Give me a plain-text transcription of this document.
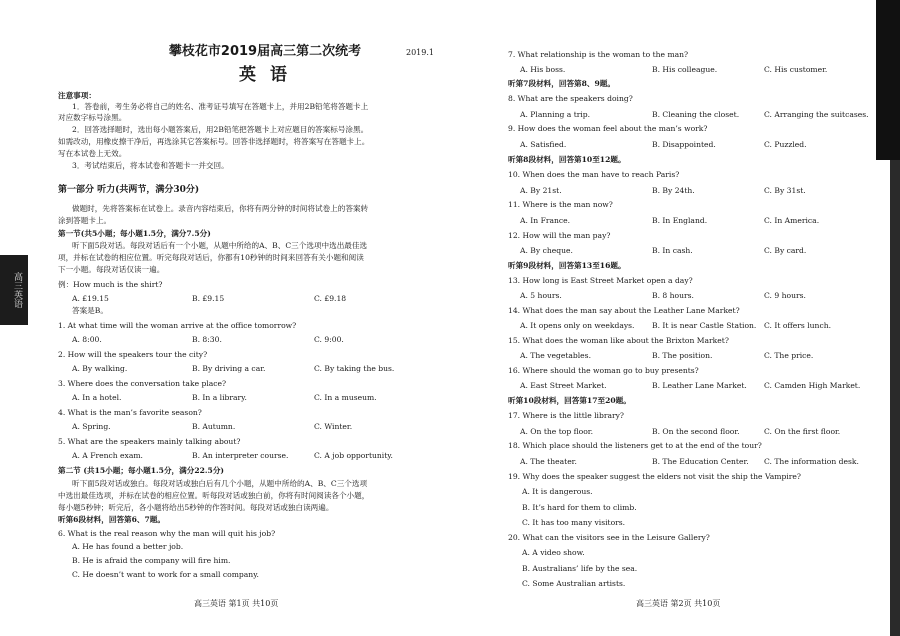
高三英语
攀枝花市2019届高三第二次统考	2019.1
英 语
注意事项：
1．答卷前，考生务必将自己的姓名、准考证号填写在答题卡上，并用2B铅笔将答题卡上
对应数字标号涂黑。
2．回答选择题时，选出每小题答案后，用2B铅笔把答题卡上对应题目的答案标号涂黑。
如需改动，用橡皮擦干净后，再选涂其它答案标号。回答非选择题时，将答案写在答题卡上。
写在本试卷上无效。
3．考试结束后，将本试卷和答题卡一并交回。
第一部分 听力(共两节，满分30分)
做题时，先将答案标在试卷上。录音内容结束后，你将有两分钟的时间将试卷上的答案转
涂到答题卡上。
第一节(共5小题；每小题1.5分，满分7.5分)
听下面5段对话。每段对话后有一个小题，从题中所给的A、B、C三个选项中选出最佳选
项，并标在试卷的相应位置。听完每段对话后，你都有10秒钟的时间来回答有关小题和阅读
下一小题。每段对话仅读一遍。
例：How much is the shirt?
A. £19.15	B. £9.15	C. £9.18
答案是B。
1. At what time will the woman arrive at the office tomorrow?
A. 8:00.	B. 8:30.	C. 9:00.
2. How will the speakers tour the city?
A. By walking.	B. By driving a car.	C. By taking the bus.
3. Where does the conversation take place?
A. In a hotel.	B. In a library.	C. In a museum.
4. What is the man’s favorite season?
A. Spring.	B. Autumn.	C. Winter.
5. What are the speakers mainly talking about?
A. A French exam.	B. An interpreter course.	C. A job opportunity.
第二节 (共15小题；每小题1.5分，满分22.5分)
听下面5段对话或独白。每段对话或独白后有几个小题，从题中所给的A、B、C三个选项
中选出最佳选项，并标在试卷的相应位置。听每段对话或独白前，你将有时间阅读各个小题，
每小题5秒钟；听完后，各小题将给出5秒钟的作答时间。每段对话或独白读两遍。
听第6段材料，回答第6、7题。
6. What is the real reason why the man will quit his job?
A. He has found a better job.
B. He is afraid the company will fire him.
C. He doesn’t want to work for a small company.
高三英语 第1页 共10页
7. What relationship is the woman to the man?
A. His boss.	B. His colleague.	C. His customer.
听第7段材料，回答第8、9题。
8. What are the speakers doing?
A. Planning a trip.	B. Cleaning the closet.	C. Arranging the suitcases.
9. How does the woman feel about the man’s work?
A. Satisfied.	B. Disappointed.	C. Puzzled.
听第8段材料，回答第10至12题。
10. When does the man have to reach Paris?
A. By 21st.	B. By 24th.	C. By 31st.
11. Where is the man now?
A. In France.	B. In England.	C. In America.
12. How will the man pay?
A. By cheque.	B. In cash.	C. By card.
听第9段材料，回答第13至16题。
13. How long is East Street Market open a day?
A. 5 hours.	B. 8 hours.	C. 9 hours.
14. What does the man say about the Leather Lane Market?
A. It opens only on weekdays. B. It is near Castle Station. C. It offers lunch.
15. What does the woman like about the Brixton Market?
A. The vegetables.	B. The position.	C. The price.
16. Where should the woman go to buy presents?
A. East Street Market.	B. Leather Lane Market. C. Camden High Market.
听第10段材料，回答第17至20题。
17. Where is the little library?
A. On the top floor.	B. On the second floor.	C. On the first floor.
18. Which place should the listeners get to at the end of the tour?
A. The theater.	B. The Education Center. C. The information desk.
19. Why does the speaker suggest the elders not visit the ship the Vampire?
A. It is dangerous.
B. It’s hard for them to climb.
C. It has too many visitors.
20. What can the visitors see in the Leisure Gallery?
A. A video show.
B. Australians’ life by the sea.
C. Some Australian artists.
高三英语 第2页 共10页
